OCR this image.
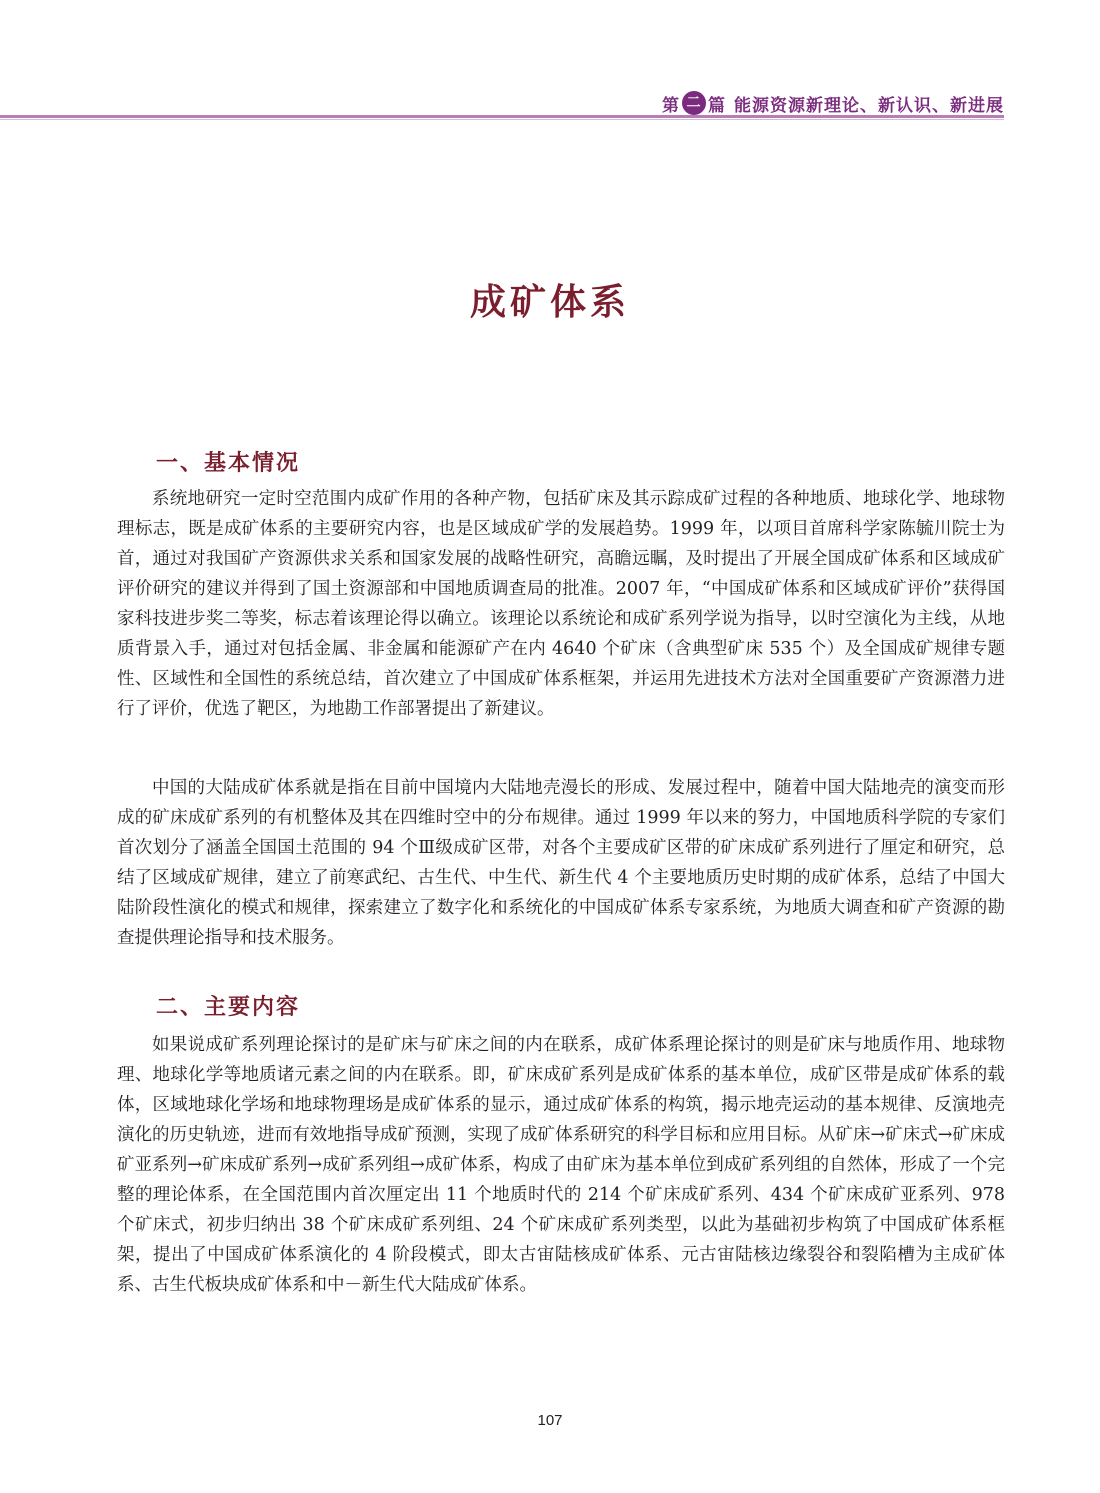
第 二 篇 能源资源新理论、新认识、新进展
成矿体系
一、基本情况

系统地研究一定时空范围内成矿作用的各种产物，包括矿床及其示踪成矿过程的各种地质、地球化学、地球物理标志，既是成矿体系的主要研究内容，也是区域成矿学的发展趋势。1999 年，以项目首席科学家陈毓川院士为首，通过对我国矿产资源供求关系和国家发展的战略性研究，高瞻远瞩，及时提出了开展全国成矿体系和区域成矿评价研究的建议并得到了国土资源部和中国地质调查局的批准。2007 年，“中国成矿体系和区域成矿评价”获得国家科技进步奖二等奖，标志着该理论得以确立。该理论以系统论和成矿系列学说为指导，以时空演化为主线，从地质背景入手，通过对包括金属、非金属和能源矿产在内 4640 个矿床（含典型矿床 535 个）及全国成矿规律专题性、区域性和全国性的系统总结，首次建立了中国成矿体系框架，并运用先进技术方法对全国重要矿产资源潜力进行了评价，优选了靶区，为地勘工作部署提出了新建议。

中国的大陆成矿体系就是指在目前中国境内大陆地壳漫长的形成、发展过程中，随着中国大陆地壳的演变而形成的矿床成矿系列的有机整体及其在四维时空中的分布规律。通过 1999 年以来的努力，中国地质科学院的专家们首次划分了涵盖全国国土范围的 94 个Ⅲ级成矿区带，对各个主要成矿区带的矿床成矿系列进行了厘定和研究，总结了区域成矿规律，建立了前寒武纪、古生代、中生代、新生代 4 个主要地质历史时期的成矿体系，总结了中国大陆阶段性演化的模式和规律，探索建立了数字化和系统化的中国成矿体系专家系统，为地质大调查和矿产资源的勘查提供理论指导和技术服务。

二、主要内容

如果说成矿系列理论探讨的是矿床与矿床之间的内在联系，成矿体系理论探讨的则是矿床与地质作用、地球物理、地球化学等地质诸元素之间的内在联系。即，矿床成矿系列是成矿体系的基本单位，成矿区带是成矿体系的载体，区域地球化学场和地球物理场是成矿体系的显示，通过成矿体系的构筑，揭示地壳运动的基本规律、反演地壳演化的历史轨迹，进而有效地指导成矿预测，实现了成矿体系研究的科学目标和应用目标。从矿床→矿床式→矿床成矿亚系列→矿床成矿系列→成矿系列组→成矿体系，构成了由矿床为基本单位到成矿系列组的自然体，形成了一个完整的理论体系，在全国范围内首次厘定出 11 个地质时代的 214 个矿床成矿系列、434 个矿床成矿亚系列、978 个矿床式，初步归纳出 38 个矿床成矿系列组、24 个矿床成矿系列类型，以此为基础初步构筑了中国成矿体系框架，提出了中国成矿体系演化的 4 阶段模式，即太古宙陆核成矿体系、元古宙陆核边缘裂谷和裂陷槽为主成矿体系、古生代板块成矿体系和中－新生代大陆成矿体系。

107
